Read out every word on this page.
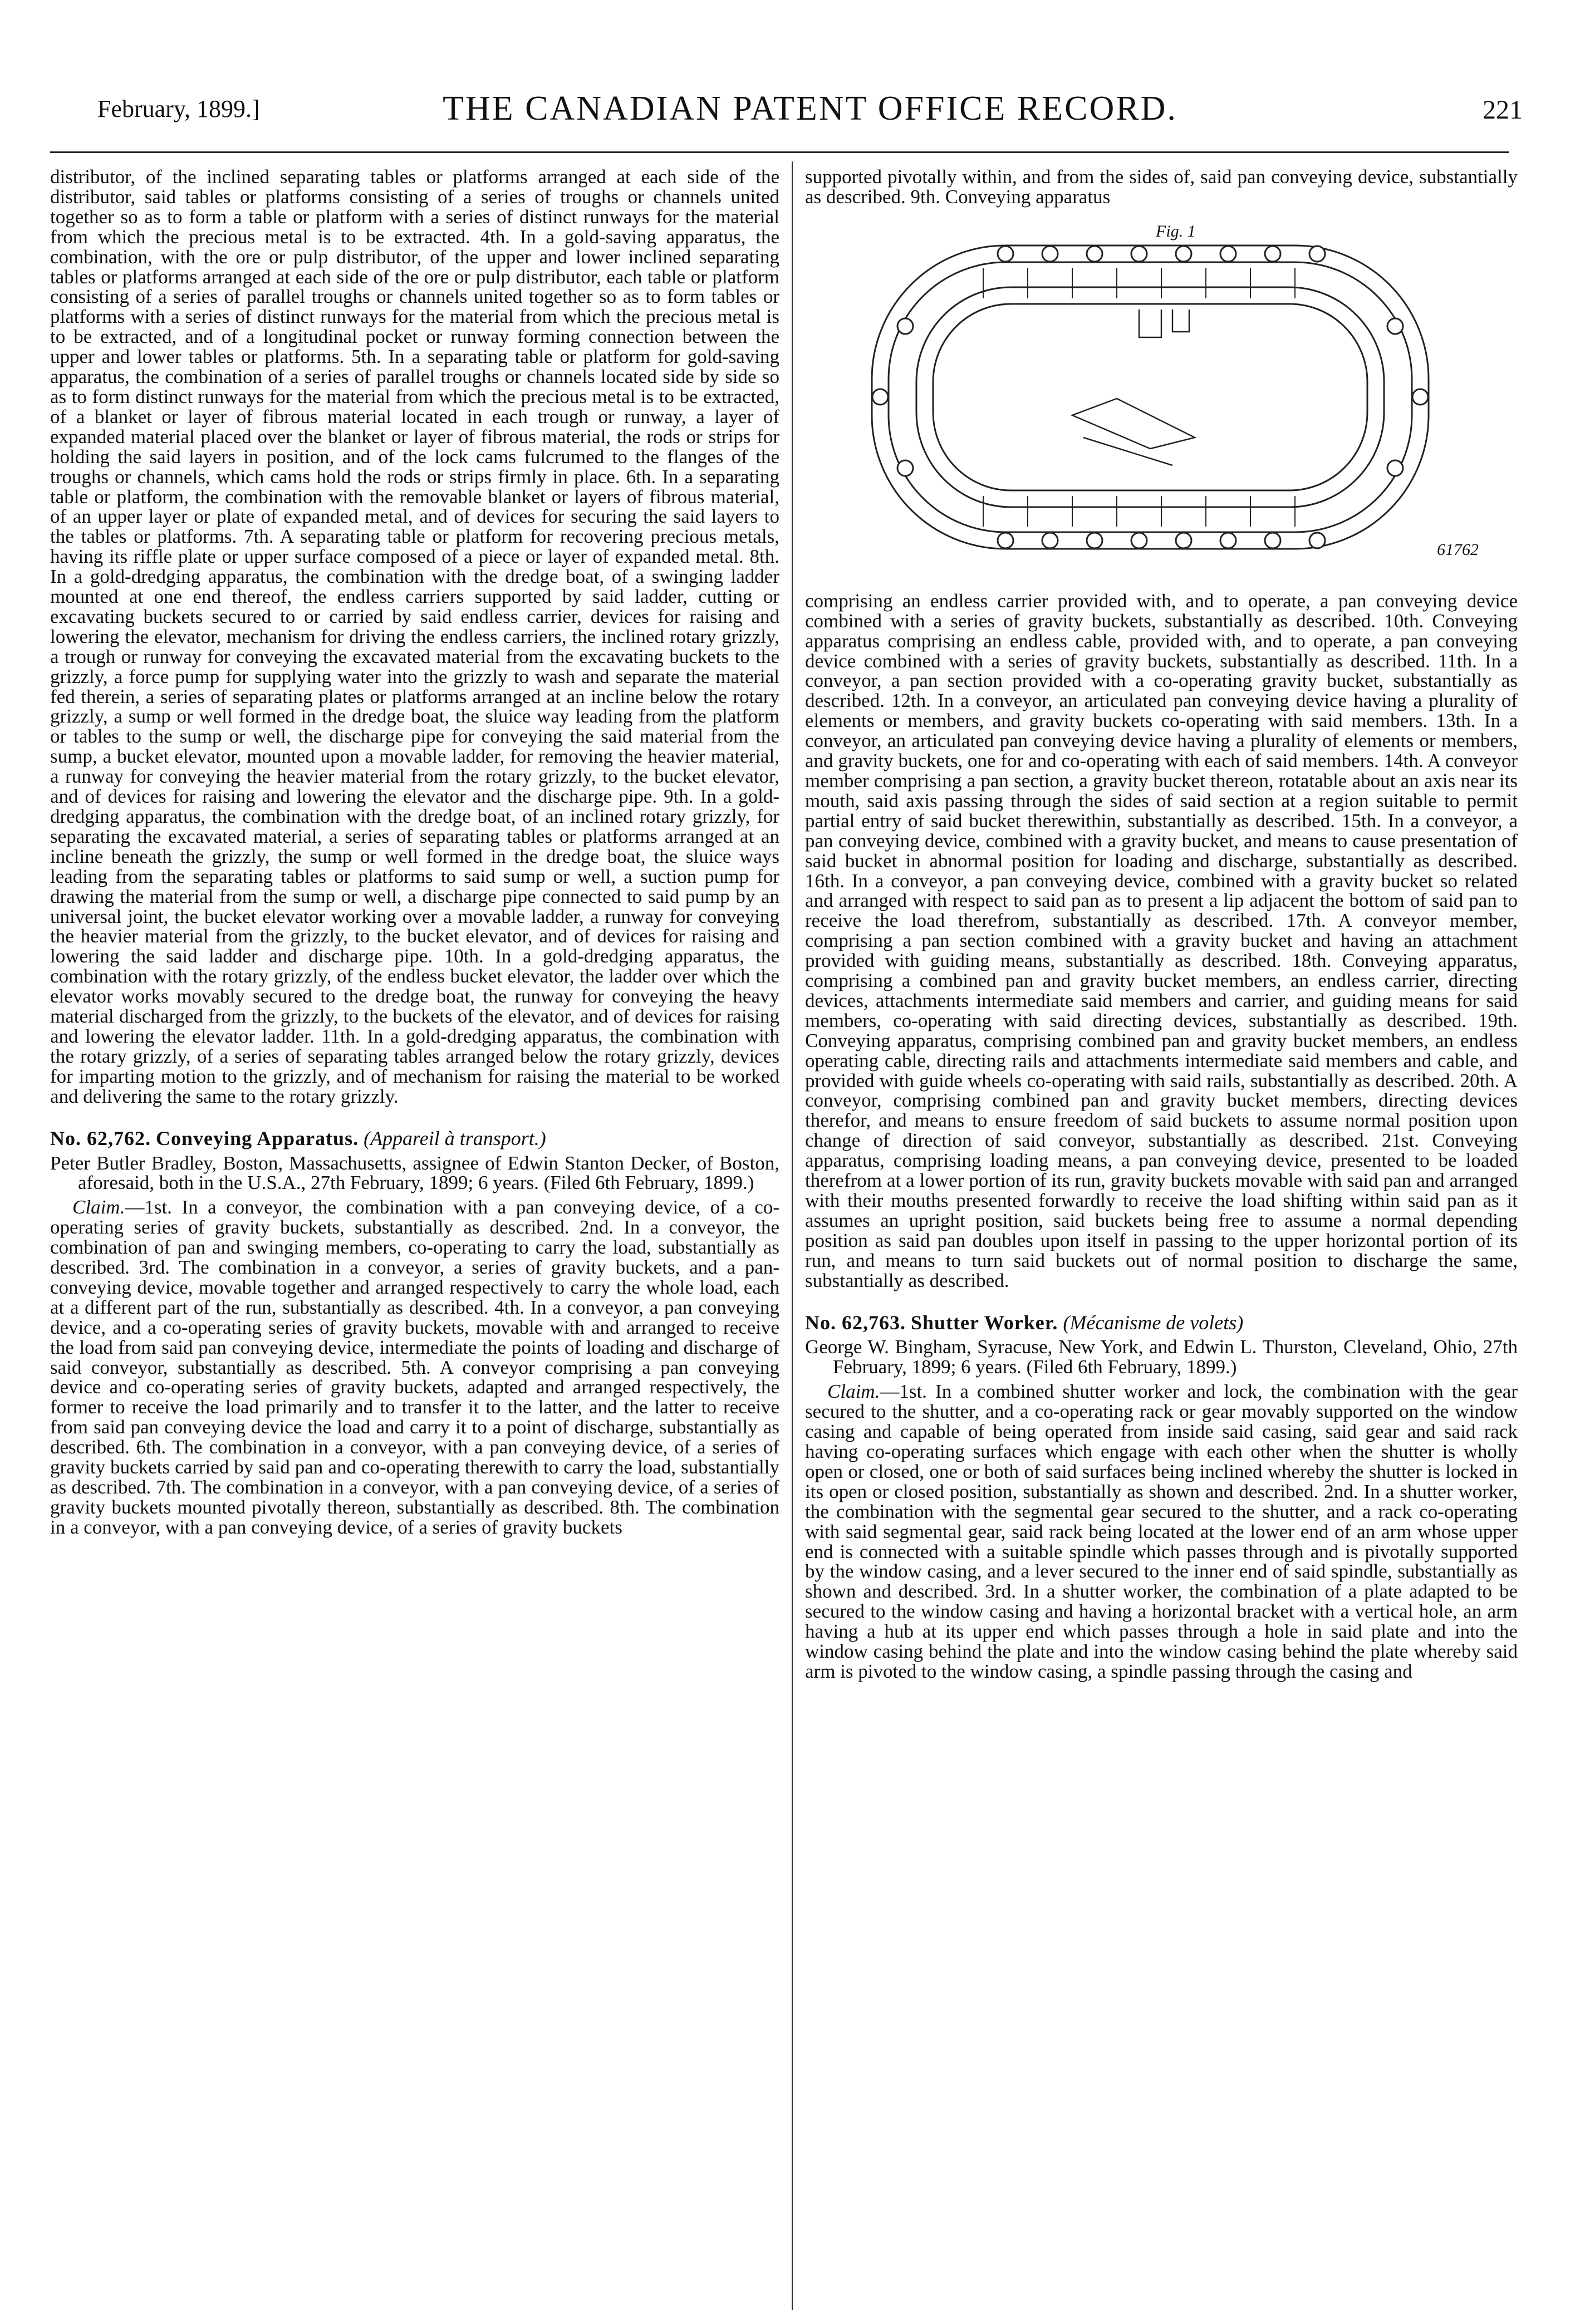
February, 1899.]	THE CANADIAN PATENT OFFICE RECORD.	221

distributor, of the inclined separating tables or platforms arranged at each side of the distributor, said tables or platforms consisting of a series of troughs or channels united together so as to form a table or platform with a series of distinct runways for the material from which the precious metal is to be extracted. 4th. In a gold-saving apparatus, the combination, with the ore or pulp distributor, of the upper and lower inclined separating tables or platforms arranged at each side of the ore or pulp distributor, each table or platform consisting of a series of parallel troughs or channels united together so as to form tables or platforms with a series of distinct runways for the material from which the precious metal is to be extracted, and of a longitudinal pocket or runway forming connection between the upper and lower tables or platforms. 5th. In a separating table or platform for gold-saving apparatus, the combination of a series of parallel troughs or channels located side by side so as to form distinct runways for the material from which the precious metal is to be extracted, of a blanket or layer of fibrous material located in each trough or runway, a layer of expanded material placed over the blanket or layer of fibrous material, the rods or strips for holding the said layers in position, and of the lock cams fulcrumed to the flanges of the troughs or channels, which cams hold the rods or strips firmly in place. 6th. In a separating table or platform, the combination with the removable blanket or layers of fibrous material, of an upper layer or plate of expanded metal, and of devices for securing the said layers to the tables or platforms. 7th. A separating table or platform for recovering precious metals, having its riffle plate or upper surface composed of a piece or layer of expanded metal. 8th. In a gold-dredging apparatus, the combination with the dredge boat, of a swinging ladder mounted at one end thereof, the endless carriers supported by said ladder, cutting or excavating buckets secured to or carried by said endless carrier, devices for raising and lowering the elevator, mechanism for driving the endless carriers, the inclined rotary grizzly, a trough or runway for conveying the excavated material from the excavating buckets to the grizzly, a force pump for supplying water into the grizzly to wash and separate the material fed therein, a series of separating plates or platforms arranged at an incline below the rotary grizzly, a sump or well formed in the dredge boat, the sluice way leading from the platform or tables to the sump or well, the discharge pipe for conveying the said material from the sump, a bucket elevator, mounted upon a movable ladder, for removing the heavier material, a runway for conveying the heavier material from the rotary grizzly, to the bucket elevator, and of devices for raising and lowering the elevator and the discharge pipe. 9th. In a gold-dredging apparatus, the combination with the dredge boat, of an inclined rotary grizzly, for separating the excavated material, a series of separating tables or platforms arranged at an incline beneath the grizzly, the sump or well formed in the dredge boat, the sluice ways leading from the separating tables or platforms to said sump or well, a suction pump for drawing the material from the sump or well, a discharge pipe connected to said pump by an universal joint, the bucket elevator working over a movable ladder, a runway for conveying the heavier material from the grizzly, to the bucket elevator, and of devices for raising and lowering the said ladder and discharge pipe. 10th. In a gold-dredging apparatus, the combination with the rotary grizzly, of the endless bucket elevator, the ladder over which the elevator works movably secured to the dredge boat, the runway for conveying the heavy material discharged from the grizzly, to the buckets of the elevator, and of devices for raising and lowering the elevator ladder. 11th. In a gold-dredging apparatus, the combination with the rotary grizzly, of a series of separating tables arranged below the rotary grizzly, devices for imparting motion to the grizzly, and of mechanism for raising the material to be worked and delivering the same to the rotary grizzly.

No. 62,762. Conveying Apparatus. (Appareil à transport.)

Peter Butler Bradley, Boston, Massachusetts, assignee of Edwin Stanton Decker, of Boston, aforesaid, both in the U.S.A., 27th February, 1899; 6 years. (Filed 6th February, 1899.)

Claim.—1st. In a conveyor, the combination with a pan conveying device, of a co-operating series of gravity buckets, substantially as described. 2nd. In a conveyor, the combination of pan and swinging members, co-operating to carry the load, substantially as described. 3rd. The combination in a conveyor, a series of gravity buckets, and a pan-conveying device, movable together and arranged respectively to carry the whole load, each at a different part of the run, substantially as described. 4th. In a conveyor, a pan conveying device, and a co-operating series of gravity buckets, movable with and arranged to receive the load from said pan conveying device, intermediate the points of loading and discharge of said conveyor, substantially as described. 5th. A conveyor comprising a pan conveying device and co-operating series of gravity buckets, adapted and arranged respectively, the former to receive the load primarily and to transfer it to the latter, and the latter to receive from said pan conveying device the load and carry it to a point of discharge, substantially as described. 6th. The combination in a conveyor, with a pan conveying device, of a series of gravity buckets carried by said pan and co-operating therewith to carry the load, substantially as described. 7th. The combination in a conveyor, with a pan conveying device, of a series of gravity buckets mounted pivotally thereon, substantially as described. 8th. The combination in a conveyor, with a pan conveying device, of a series of gravity buckets

supported pivotally within, and from the sides of, said pan conveying device, substantially as described. 9th. Conveying apparatus

Fig. 1
61762

comprising an endless carrier provided with, and to operate, a pan conveying device combined with a series of gravity buckets, substantially as described. 10th. Conveying apparatus comprising an endless cable, provided with, and to operate, a pan conveying device combined with a series of gravity buckets, substantially as described. 11th. In a conveyor, a pan section provided with a co-operating gravity bucket, substantially as described. 12th. In a conveyor, an articulated pan conveying device having a plurality of elements or members, and gravity buckets co-operating with said members. 13th. In a conveyor, an articulated pan conveying device having a plurality of elements or members, and gravity buckets, one for and co-operating with each of said members. 14th. A conveyor member comprising a pan section, a gravity bucket thereon, rotatable about an axis near its mouth, said axis passing through the sides of said section at a region suitable to permit partial entry of said bucket therewithin, substantially as described. 15th. In a conveyor, a pan conveying device, combined with a gravity bucket, and means to cause presentation of said bucket in abnormal position for loading and discharge, substantially as described. 16th. In a conveyor, a pan conveying device, combined with a gravity bucket so related and arranged with respect to said pan as to present a lip adjacent the bottom of said pan to receive the load therefrom, substantially as described. 17th. A conveyor member, comprising a pan section combined with a gravity bucket and having an attachment provided with guiding means, substantially as described. 18th. Conveying apparatus, comprising a combined pan and gravity bucket members, an endless carrier, directing devices, attachments intermediate said members and carrier, and guiding means for said members, co-operating with said directing devices, substantially as described. 19th. Conveying apparatus, comprising combined pan and gravity bucket members, an endless operating cable, directing rails and attachments intermediate said members and cable, and provided with guide wheels co-operating with said rails, substantially as described. 20th. A conveyor, comprising combined pan and gravity bucket members, directing devices therefor, and means to ensure freedom of said buckets to assume normal position upon change of direction of said conveyor, substantially as described. 21st. Conveying apparatus, comprising loading means, a pan conveying device, presented to be loaded therefrom at a lower portion of its run, gravity buckets movable with said pan and arranged with their mouths presented forwardly to receive the load shifting within said pan as it assumes an upright position, said buckets being free to assume a normal depending position as said pan doubles upon itself in passing to the upper horizontal portion of its run, and means to turn said buckets out of normal position to discharge the same, substantially as described.

No. 62,763. Shutter Worker. (Mécanisme de volets)

George W. Bingham, Syracuse, New York, and Edwin L. Thurston, Cleveland, Ohio, 27th February, 1899; 6 years. (Filed 6th February, 1899.)

Claim.—1st. In a combined shutter worker and lock, the combination with the gear secured to the shutter, and a co-operating rack or gear movably supported on the window casing and capable of being operated from inside said casing, said gear and said rack having co-operating surfaces which engage with each other when the shutter is wholly open or closed, one or both of said surfaces being inclined whereby the shutter is locked in its open or closed position, substantially as shown and described. 2nd. In a shutter worker, the combination with the segmental gear secured to the shutter, and a rack co-operating with said segmental gear, said rack being located at the lower end of an arm whose upper end is connected with a suitable spindle which passes through and is pivotally supported by the window casing, and a lever secured to the inner end of said spindle, substantially as shown and described. 3rd. In a shutter worker, the combination of a plate adapted to be secured to the window casing and having a horizontal bracket with a vertical hole, an arm having a hub at its upper end which passes through a hole in said plate and into the window casing behind the plate and into the window casing behind the plate whereby said arm is pivoted to the window casing, a spindle passing through the casing and
